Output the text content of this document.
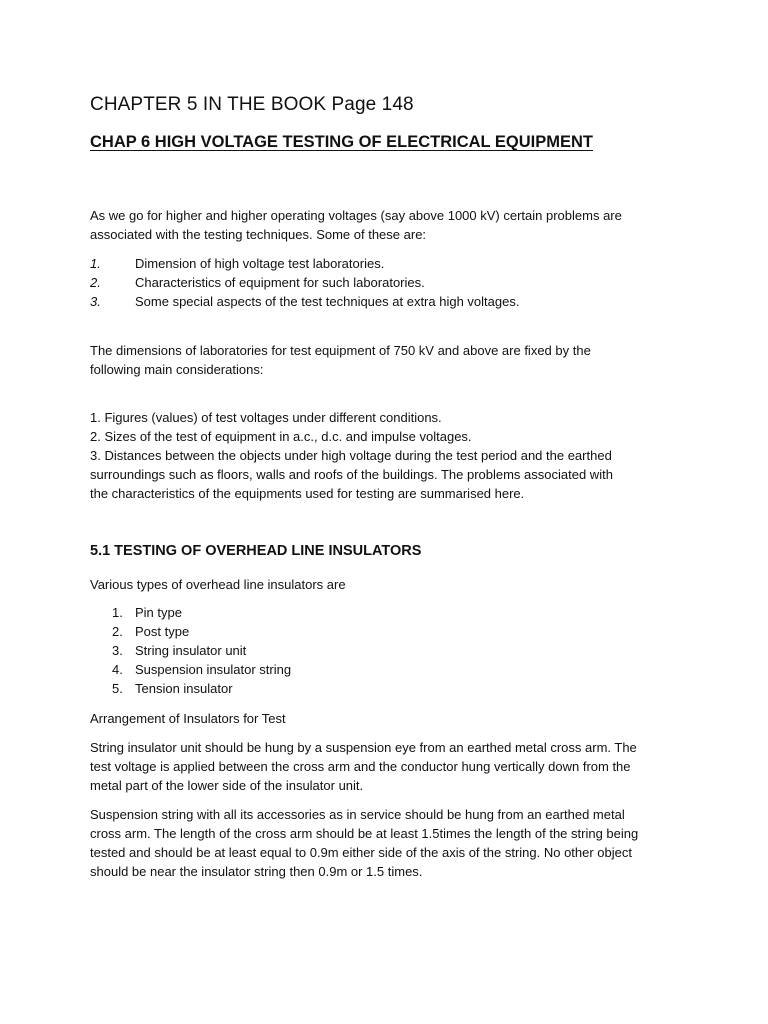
CHAPTER 5 IN THE BOOK Page 148
CHAP 6 HIGH VOLTAGE TESTING OF ELECTRICAL EQUIPMENT
As we go for higher and higher operating voltages (say above 1000 kV) certain problems are
associated with the testing techniques. Some of these are:
1.	Dimension of high voltage test laboratories.
2.	Characteristics of equipment for such laboratories.
3.	Some special aspects of the test techniques at extra high voltages.
The dimensions of laboratories for test equipment of 750 kV and above are fixed by the
following main considerations:
1. Figures (values) of test voltages under different conditions.
2. Sizes of the test of equipment in a.c., d.c. and impulse voltages.
3. Distances between the objects under high voltage during the test period and the earthed
surroundings such as floors, walls and roofs of the buildings. The problems associated with
the characteristics of the equipments used for testing are summarised here.
5.1 TESTING OF OVERHEAD LINE INSULATORS
Various types of overhead line insulators are
1. Pin type
2. Post type
3. String insulator unit
4. Suspension insulator string
5. Tension insulator
Arrangement of Insulators for Test
String insulator unit should be hung by a suspension eye from an earthed metal cross arm. The
test voltage is applied between the cross arm and the conductor hung vertically down from the
metal part of the lower side of the insulator unit.
Suspension string with all its accessories as in service should be hung from an earthed metal
cross arm. The length of the cross arm should be at least 1.5times the length of the string being
tested and should be at least equal to 0.9m either side of the axis of the string. No other object
should be near the insulator string then 0.9m or 1.5 times.
